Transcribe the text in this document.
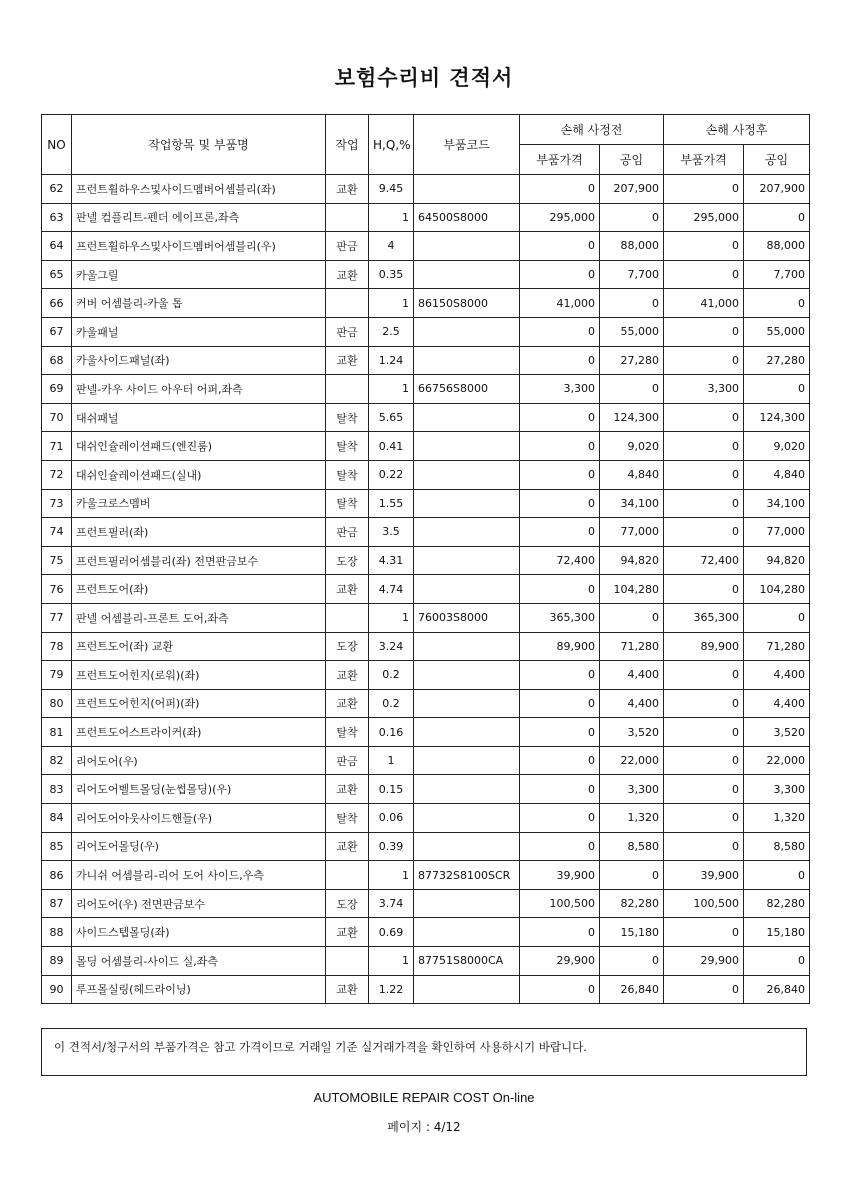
보험수리비 견적서
NO	작업항목 및 부품명	작업	H,Q,%	부품코드	손해 사정전		손해 사정후	
					부품가격	공임	부품가격	공임
62	프런트휠하우스및사이드멤버어셈블리(좌)	교환	9.45		0	207,900	0	207,900
63	판넬 컴플리트-펜더 에이프론,좌측		1	64500S8000	295,000	0	295,000	0
64	프런트휠하우스및사이드멤버어셈블리(우)	판금	4		0	88,000	0	88,000
65	카울그릴	교환	0.35		0	7,700	0	7,700
66	커버 어셈블리-카울 톱		1	86150S8000	41,000	0	41,000	0
67	카울패널	판금	2.5		0	55,000	0	55,000
68	카울사이드패널(좌)	교환	1.24		0	27,280	0	27,280
69	판넬-카우 사이드 아우터 어퍼,좌측		1	66756S8000	3,300	0	3,300	0
70	대쉬패널	탈착	5.65		0	124,300	0	124,300
71	대쉬인슐레이션패드(엔진룸)	탈착	0.41		0	9,020	0	9,020
72	대쉬인슐레이션패드(실내)	탈착	0.22		0	4,840	0	4,840
73	카울크로스멤버	탈착	1.55		0	34,100	0	34,100
74	프런트필러(좌)	판금	3.5		0	77,000	0	77,000
75	프런트필러어셈블리(좌) 전면판금보수	도장	4.31		72,400	94,820	72,400	94,820
76	프런트도어(좌)	교환	4.74		0	104,280	0	104,280
77	판넬 어셈블리-프론트 도어,좌측		1	76003S8000	365,300	0	365,300	0
78	프런트도어(좌) 교환	도장	3.24		89,900	71,280	89,900	71,280
79	프런트도어힌지(로워)(좌)	교환	0.2		0	4,400	0	4,400
80	프런트도어힌지(어퍼)(좌)	교환	0.2		0	4,400	0	4,400
81	프런트도어스트라이커(좌)	탈착	0.16		0	3,520	0	3,520
82	리어도어(우)	판금	1		0	22,000	0	22,000
83	리어도어벨트몰딩(눈썹몰딩)(우)	교환	0.15		0	3,300	0	3,300
84	리어도어아웃사이드핸들(우)	탈착	0.06		0	1,320	0	1,320
85	리어도어몰딩(우)	교환	0.39		0	8,580	0	8,580
86	가니쉬 어셈블리-리어 도어 사이드,우측		1	87732S8100SCR	39,900	0	39,900	0
87	리어도어(우) 전면판금보수	도장	3.74		100,500	82,280	100,500	82,280
88	사이드스텝몰딩(좌)	교환	0.69		0	15,180	0	15,180
89	몰딩 어셈블리-사이드 실,좌측		1	87751S8000CA	29,900	0	29,900	0
90	루프몰실링(헤드라이닝)	교환	1.22		0	26,840	0	26,840
이 견적서/청구서의 부품가격은 참고 가격이므로 거래일 기준 실거래가격을 확인하여 사용하시기 바랍니다.
AUTOMOBILE REPAIR COST On-line
페이지 : 4/12
